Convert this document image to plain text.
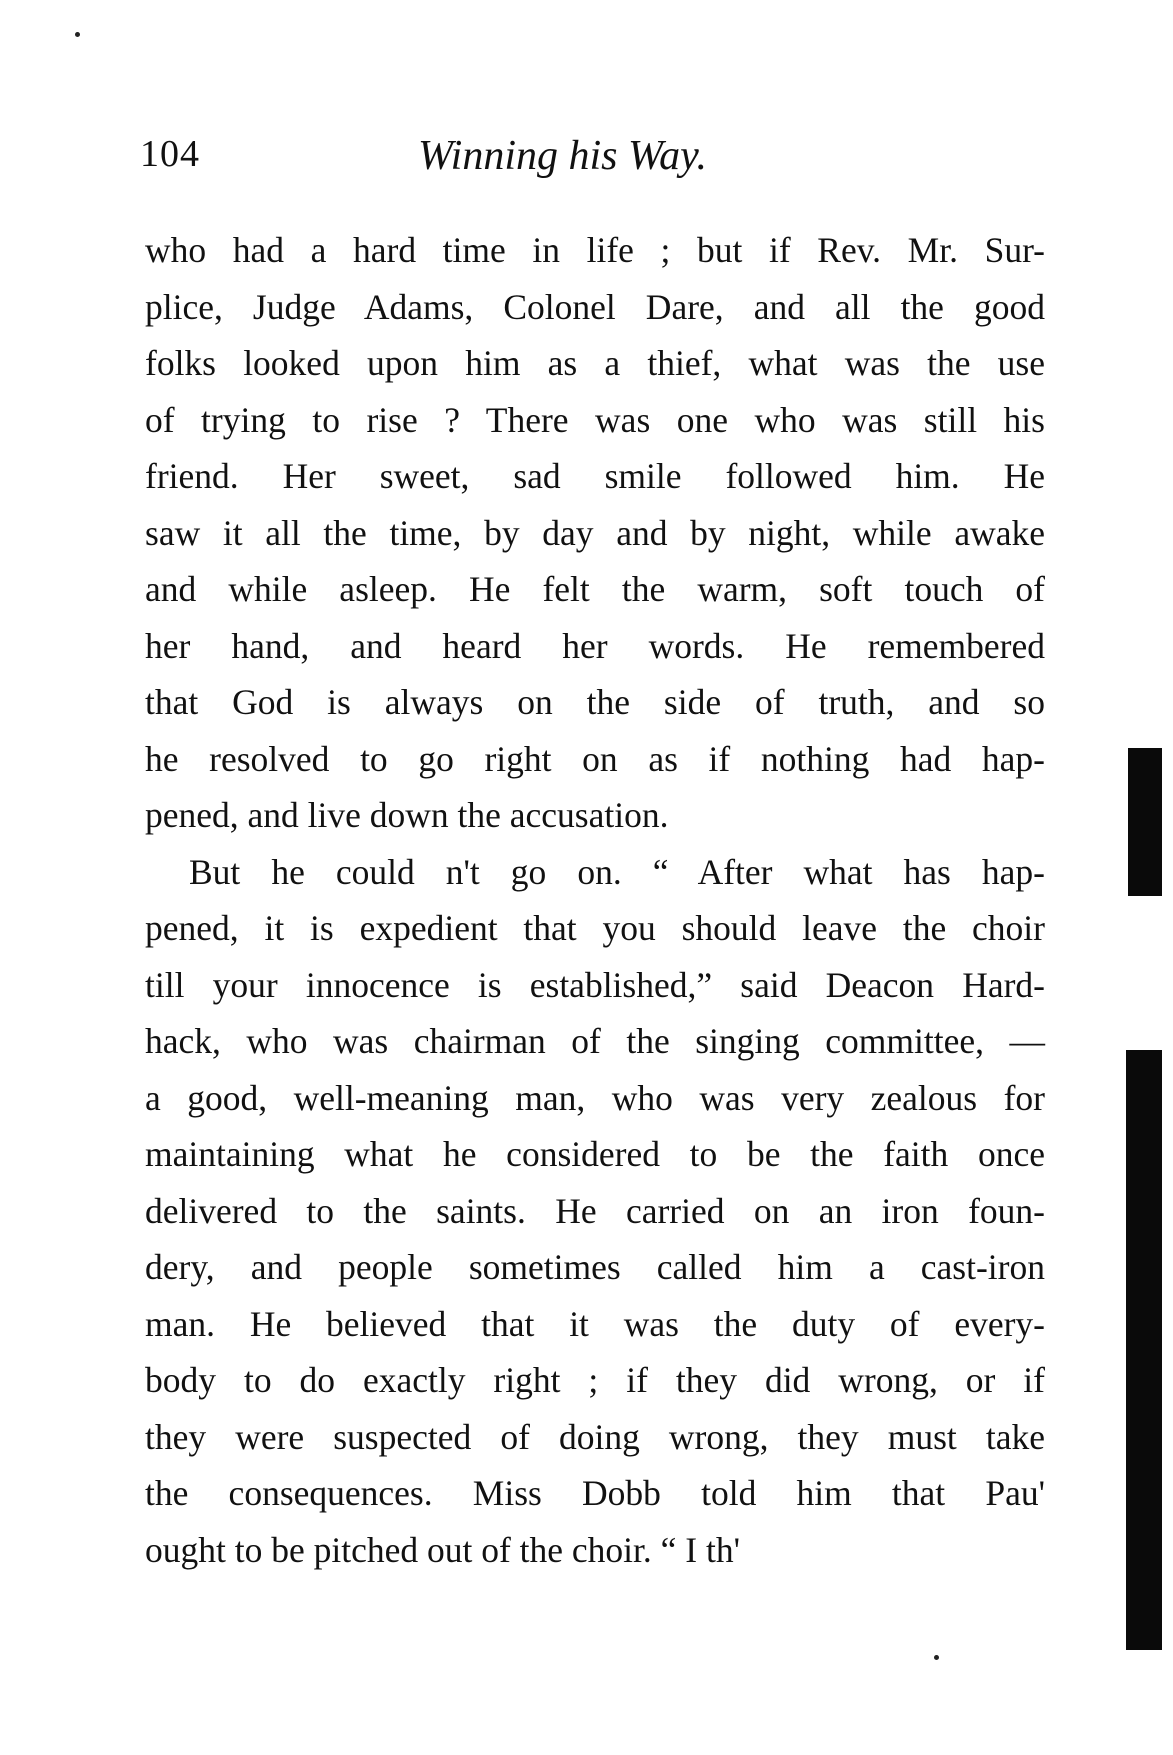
104	Winning his Way.
who had a hard time in life ; but if Rev. Mr. Sur-
plice, Judge Adams, Colonel Dare, and all the good
folks looked upon him as a thief, what was the use
of trying to rise ? There was one who was still his
friend. Her sweet, sad smile followed him. He
saw it all the time, by day and by night, while awake
and while asleep. He felt the warm, soft touch of
her hand, and heard her words. He remembered
that God is always on the side of truth, and so
he resolved to go right on as if nothing had hap-
pened, and live down the accusation.
But he could n't go on. “ After what has hap-
pened, it is expedient that you should leave the choir
till your innocence is established,” said Deacon Hard-
hack, who was chairman of the singing committee, —
a good, well-meaning man, who was very zealous for
maintaining what he considered to be the faith once
delivered to the saints. He carried on an iron foun-
dery, and people sometimes called him a cast-iron
man. He believed that it was the duty of every-
body to do exactly right ; if they did wrong, or if
they were suspected of doing wrong, they must take
the consequences. Miss Dobb told him that Pau'
ought to be pitched out of the choir. “ I th'
